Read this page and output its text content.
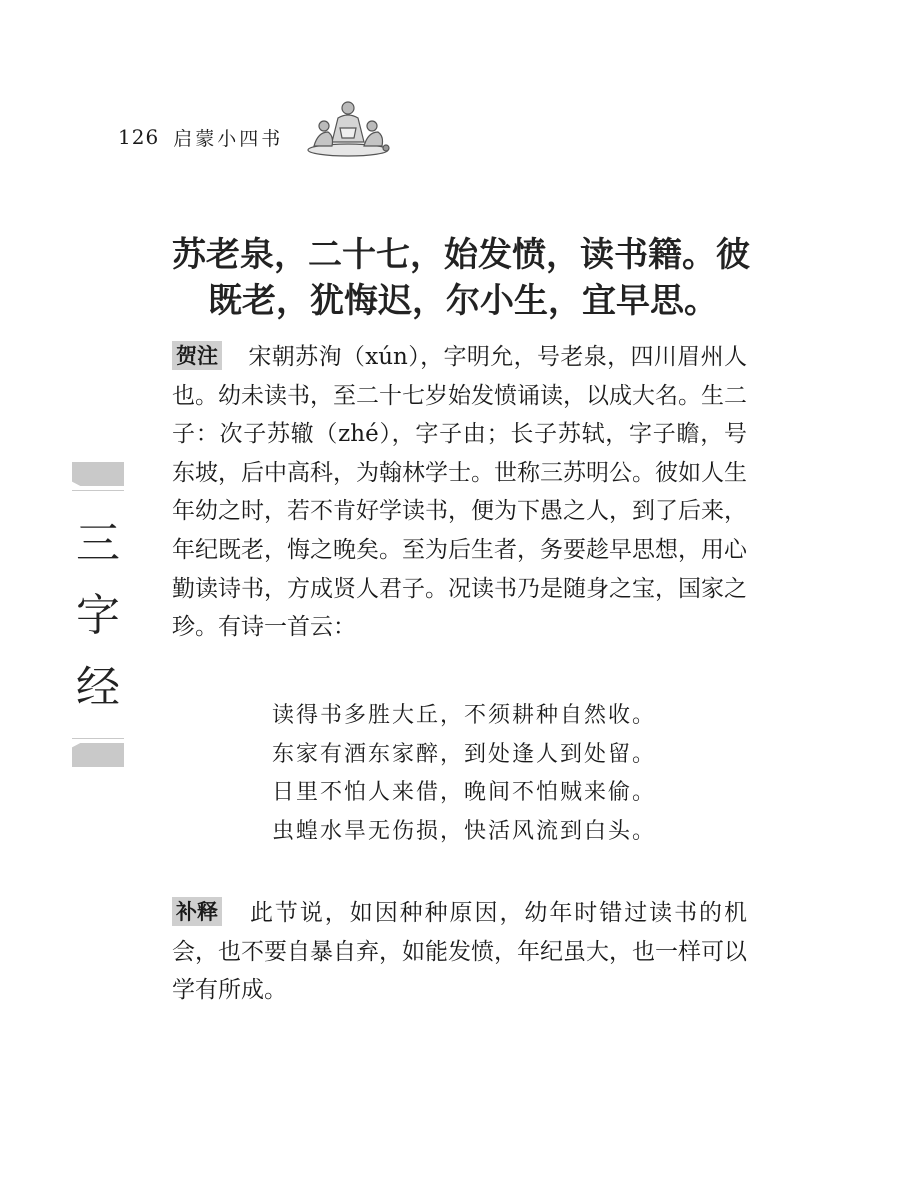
126 启蒙小四书
三
字
经
苏老泉，二十七，始发愤，读书籍。彼
既老，犹悔迟，尔小生，宜早思。
贺注 宋朝苏洵（xún），字明允，号老泉，四川眉州人也。幼未读书，至二十七岁始发愤诵读，以成大名。生二子：次子苏辙（zhé），字子由；长子苏轼，字子瞻，号东坡，后中高科，为翰林学士。世称三苏明公。彼如人生年幼之时，若不肯好学读书，便为下愚之人，到了后来，年纪既老，悔之晚矣。至为后生者，务要趁早思想，用心勤读诗书，方成贤人君子。况读书乃是随身之宝，国家之珍。有诗一首云：
读得书多胜大丘，不须耕种自然收。
东家有酒东家醉，到处逢人到处留。
日里不怕人来借，晚间不怕贼来偷。
虫蝗水旱无伤损，快活风流到白头。
补释 此节说，如因种种原因，幼年时错过读书的机会，也不要自暴自弃，如能发愤，年纪虽大，也一样可以学有所成。
